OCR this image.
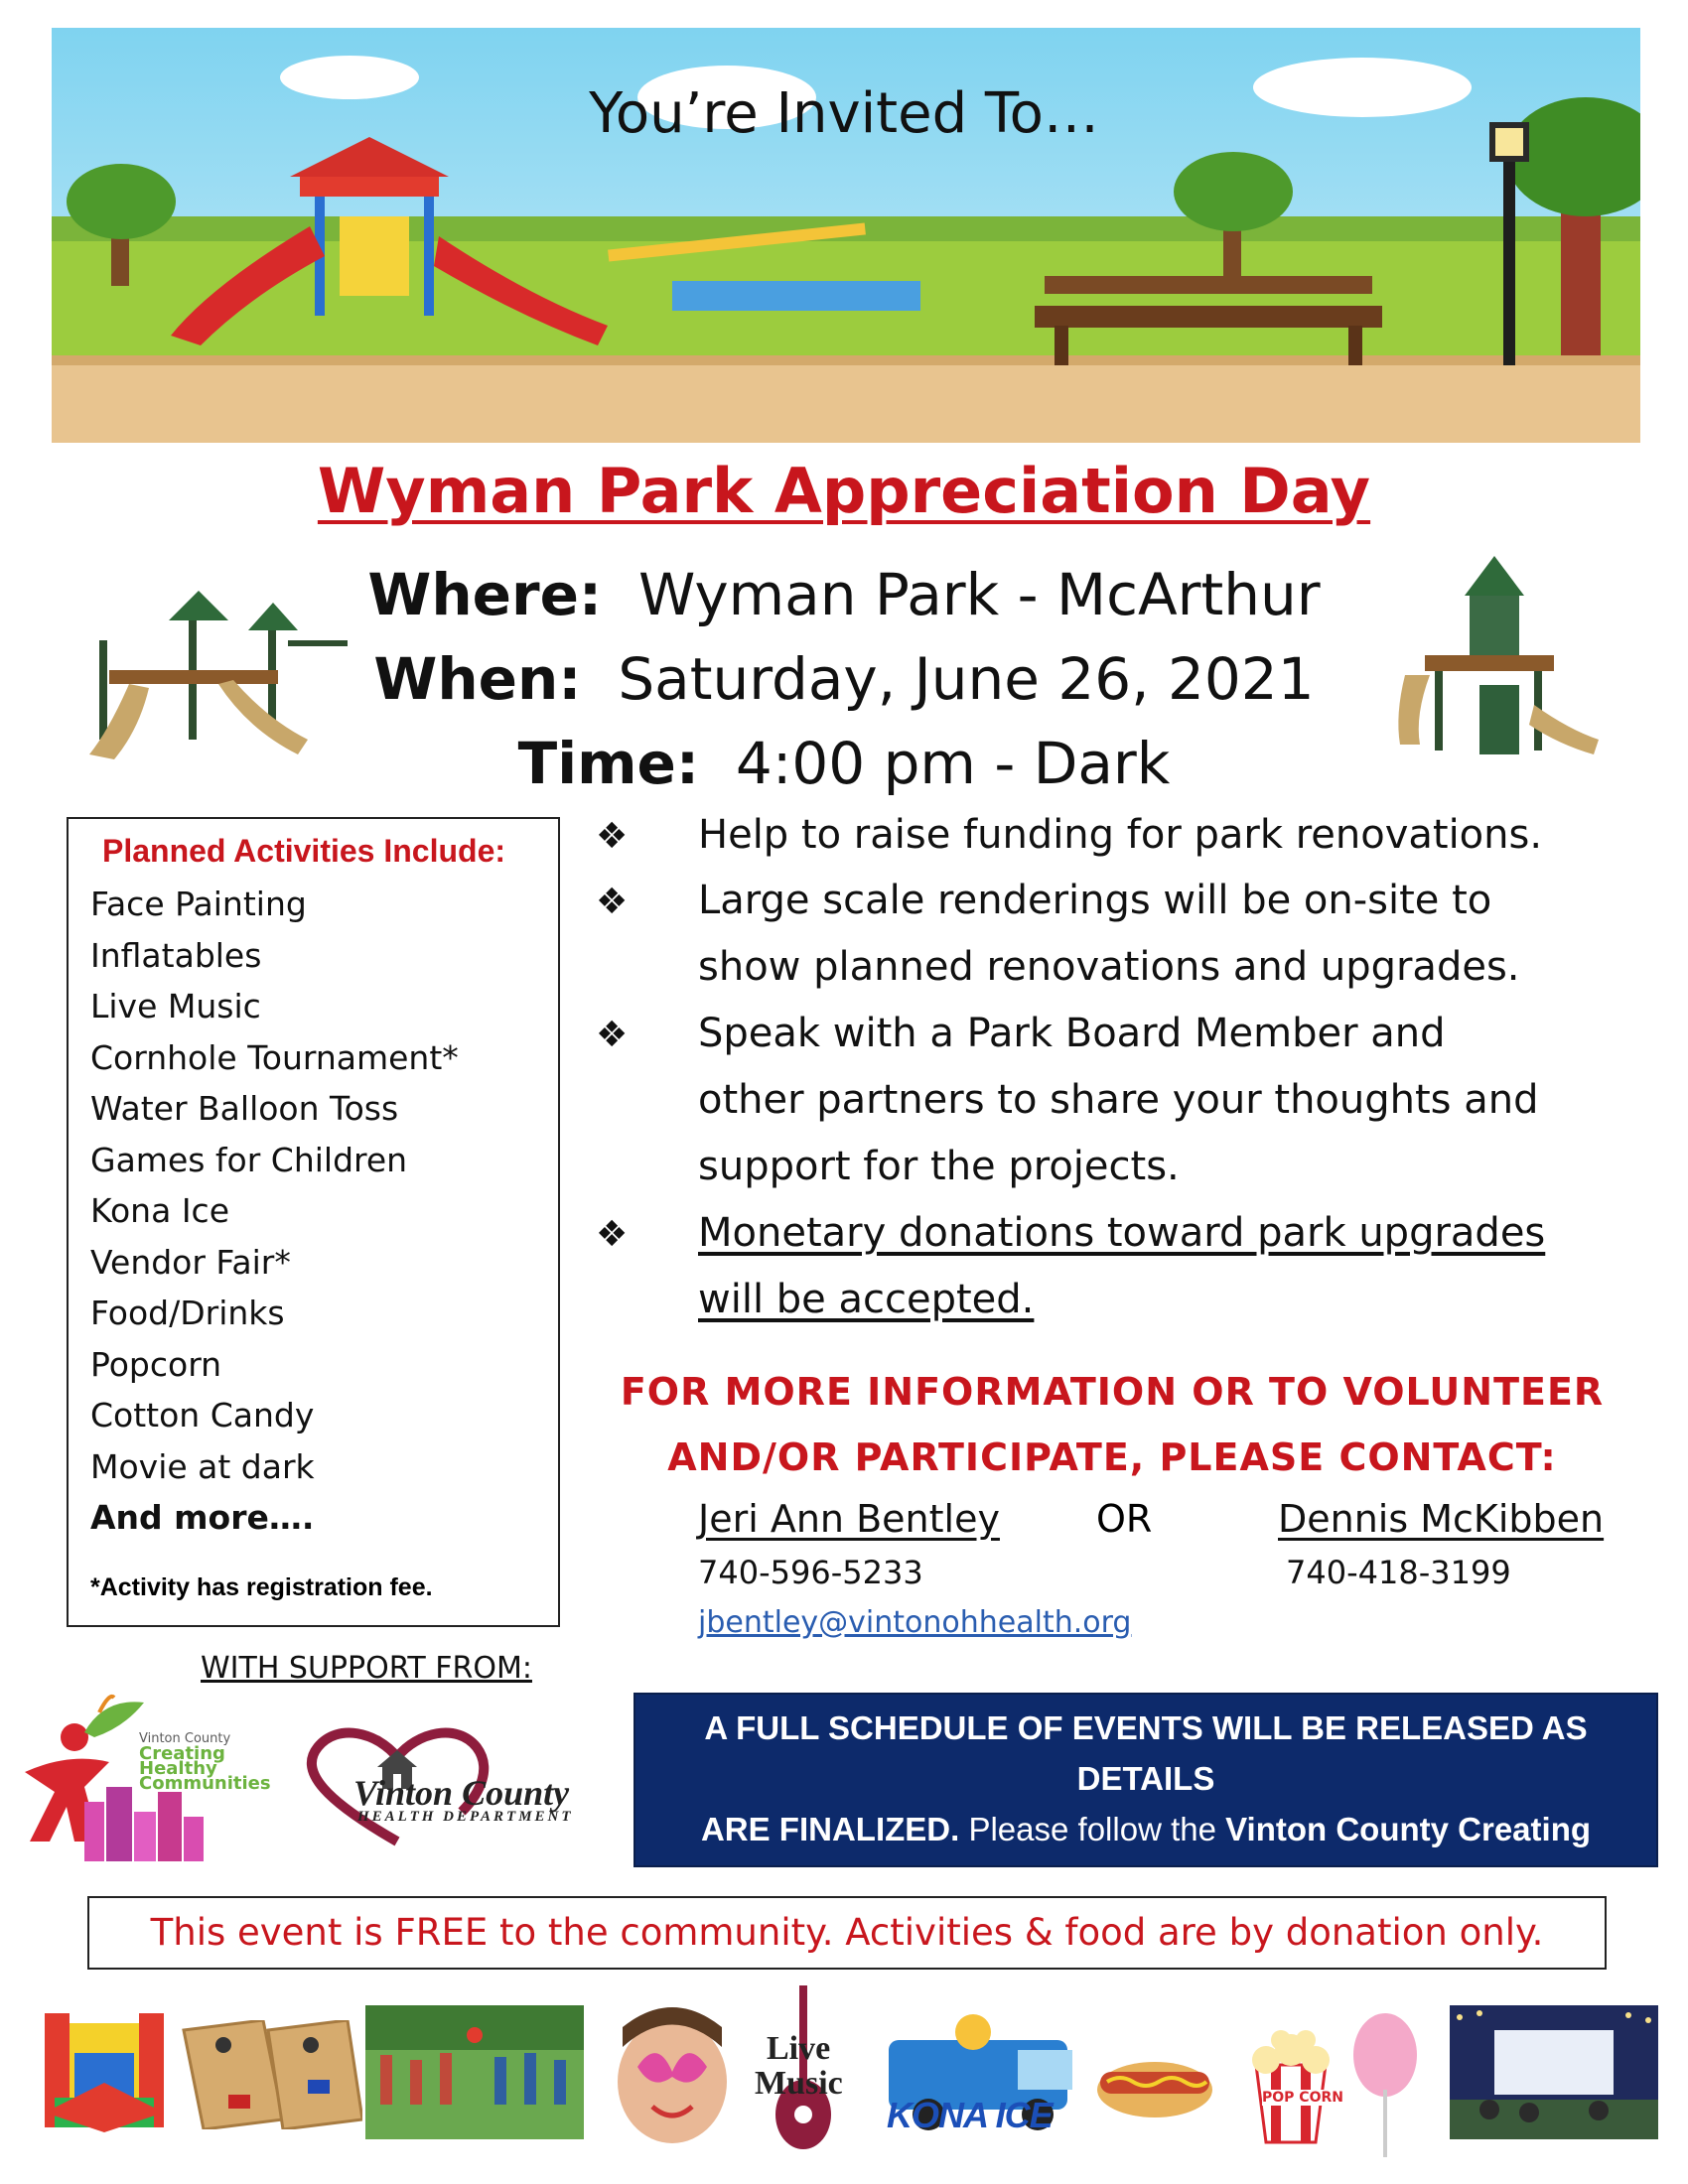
You’re Invited To…
Wyman Park Appreciation Day
Where: Wyman Park - McArthur
When: Saturday, June 26, 2021
Time: 4:00 pm - Dark
Planned Activities Include:
Face Painting
Inflatables
Live Music
Cornhole Tournament*
Water Balloon Toss
Games for Children
Kona Ice
Vendor Fair*
Food/Drinks
Popcorn
Cotton Candy
Movie at dark
And more….
*Activity has registration fee.
❖ Help to raise funding for park renovations.
❖ Large scale renderings will be on-site to
show planned renovations and upgrades.
❖ Speak with a Park Board Member and
other partners to share your thoughts and
support for the projects.
❖ Monetary donations toward park upgrades
will be accepted.
FOR MORE INFORMATION OR TO VOLUNTEER
AND/OR PARTICIPATE, PLEASE CONTACT:
Jeri Ann Bentley	OR	Dennis McKibben
740-596-5233	740-418-3199
jbentley@vintonohhealth.org
WITH SUPPORT FROM:
Vinton County
Creating
Healthy
Communities Vinton County
HEALTH DEPARTMENT
A FULL SCHEDULE OF EVENTS WILL BE RELEASED AS DETAILS
ARE FINALIZED. Please follow the Vinton County Creating
Healthy Communities page on Facebook for updates.
This event is FREE to the community. Activities & food are by donation only.
Live
Music
KONA ICE	POP CORN
